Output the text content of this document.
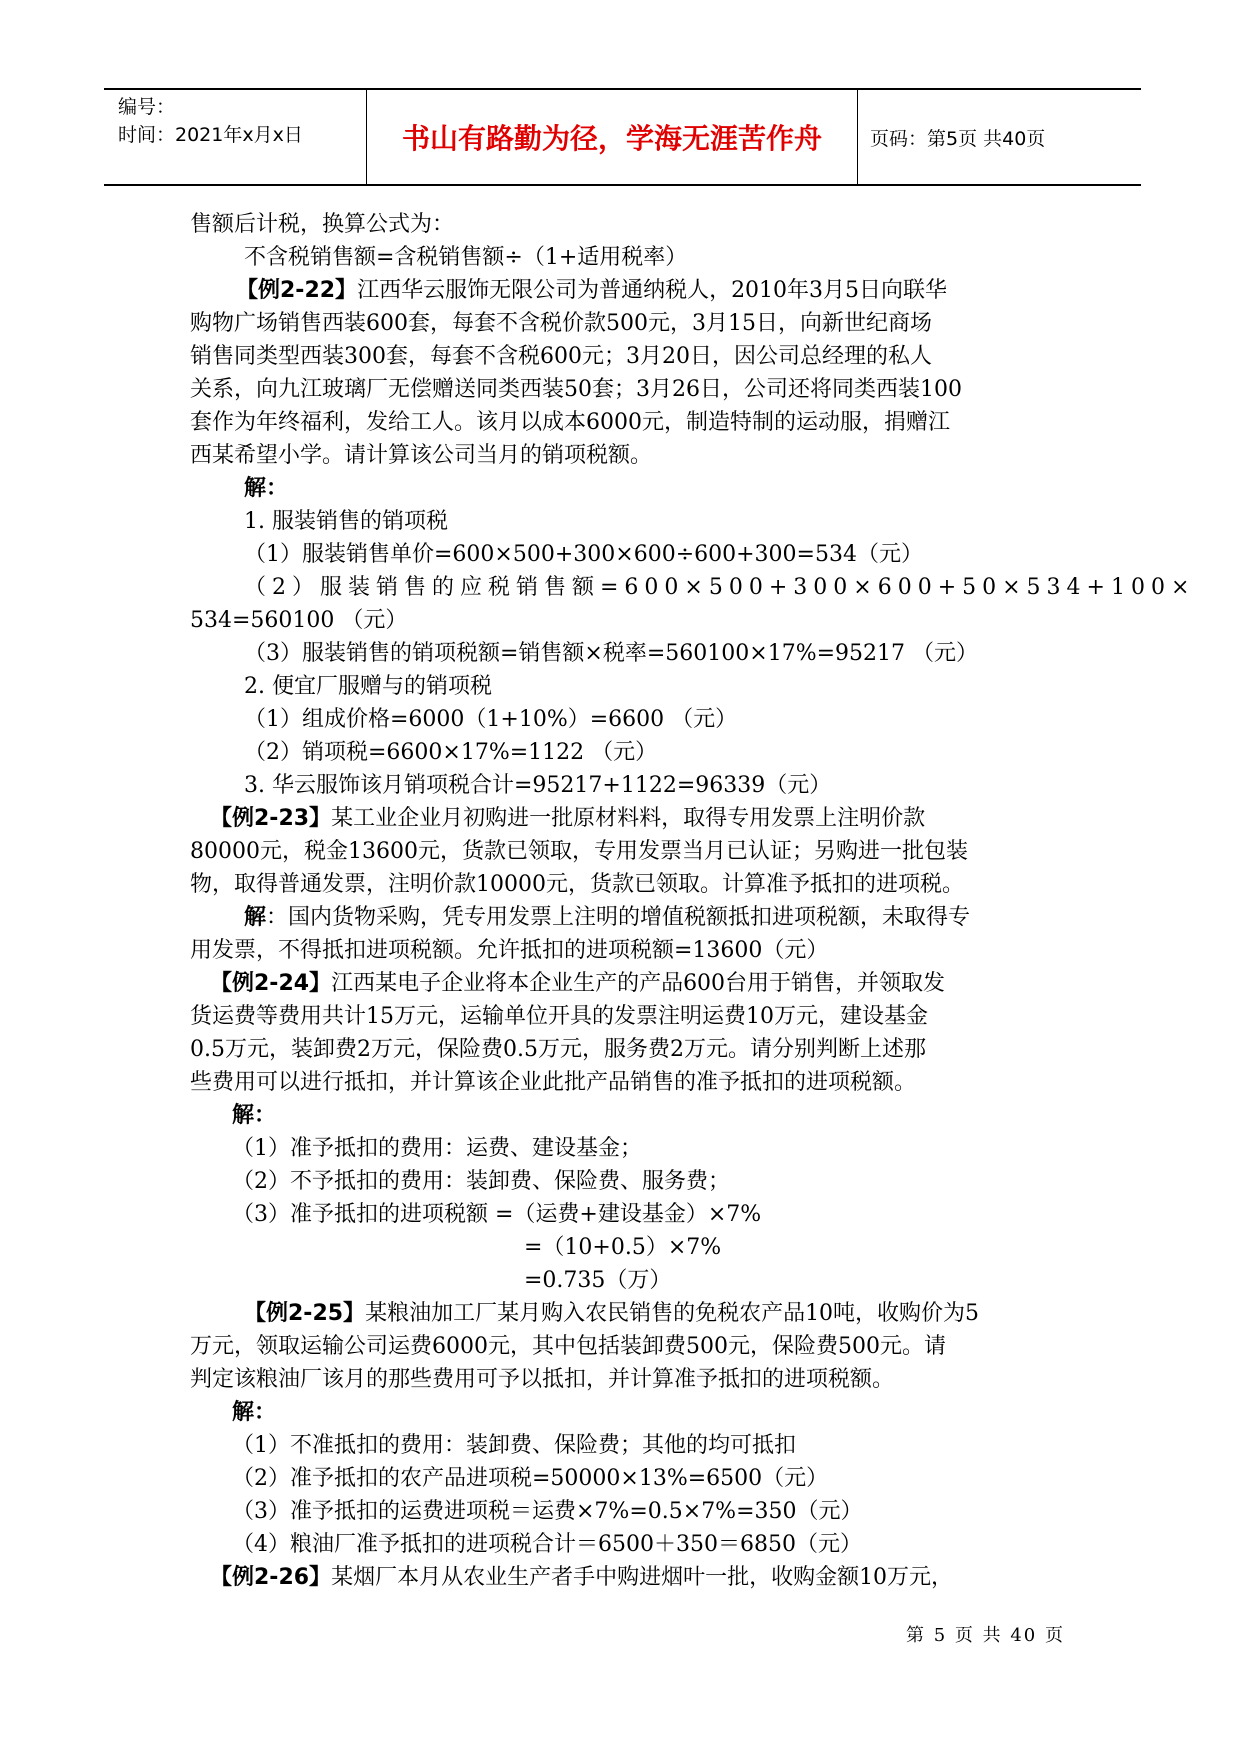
编号：
时间：2021年x月x日	书山有路勤为径，学海无涯苦作舟	页码：第5页 共40页
售额后计税，换算公式为：
不含税销售额=含税销售额÷（1+适用税率）
【例2-22】江西华云服饰无限公司为普通纳税人，2010年3月5日向联华
购物广场销售西装600套，每套不含税价款500元，3月15日，向新世纪商场
销售同类型西装300套，每套不含税600元；3月20日，因公司总经理的私人
关系，向九江玻璃厂无偿赠送同类西装50套；3月26日，公司还将同类西装100
套作为年终福利，发给工人。该月以成本6000元，制造特制的运动服，捐赠江
西某希望小学。请计算该公司当月的销项税额。
解：
1. 服装销售的销项税
（1）服装销售单价=600×500+300×600÷600+300=534（元）
（2）服装销售的应税销售额=600×500+300×600+50×534+100×
534=560100 （元）
（3）服装销售的销项税额=销售额×税率=560100×17%=95217 （元）
2. 便宜厂服赠与的销项税
（1）组成价格=6000（1+10%）=6600 （元）
（2）销项税=6600×17%=1122 （元）
3. 华云服饰该月销项税合计=95217+1122=96339（元）
【例2-23】某工业企业月初购进一批原材料料，取得专用发票上注明价款
80000元，税金13600元，货款已领取，专用发票当月已认证；另购进一批包装
物，取得普通发票，注明价款10000元，货款已领取。计算准予抵扣的进项税。
解：国内货物采购，凭专用发票上注明的增值税额抵扣进项税额，未取得专
用发票，不得抵扣进项税额。允许抵扣的进项税额=13600（元）
【例2-24】江西某电子企业将本企业生产的产品600台用于销售，并领取发
货运费等费用共计15万元，运输单位开具的发票注明运费10万元，建设基金
0.5万元，装卸费2万元，保险费0.5万元，服务费2万元。请分别判断上述那
些费用可以进行抵扣，并计算该企业此批产品销售的准予抵扣的进项税额。
解：
（1）准予抵扣的费用：运费、建设基金；
（2）不予抵扣的费用：装卸费、保险费、服务费；
（3）准予抵扣的进项税额 =（运费+建设基金）×7%
=（10+0.5）×7%
=0.735（万）
【例2-25】某粮油加工厂某月购入农民销售的免税农产品10吨，收购价为5
万元，领取运输公司运费6000元，其中包括装卸费500元，保险费500元。请
判定该粮油厂该月的那些费用可予以抵扣，并计算准予抵扣的进项税额。
解：
（1）不准抵扣的费用：装卸费、保险费；其他的均可抵扣
（2）准予抵扣的农产品进项税=50000×13%=6500（元）
（3）准予抵扣的运费进项税＝运费×7%=0.5×7%=350（元）
（4）粮油厂准予抵扣的进项税合计＝6500＋350＝6850（元）
【例2-26】某烟厂本月从农业生产者手中购进烟叶一批，收购金额10万元，
第 5 页 共 40 页
